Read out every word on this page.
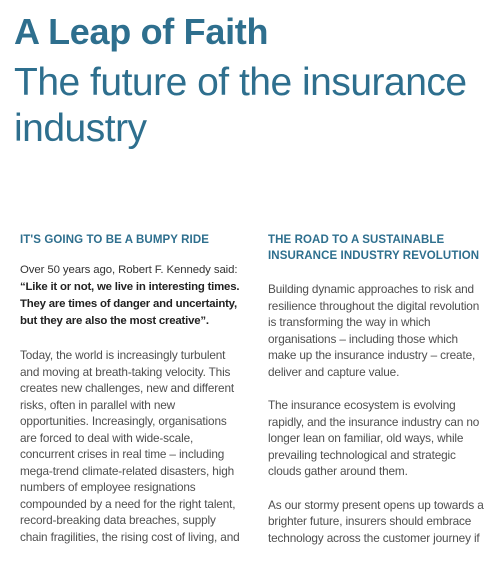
A Leap of Faith
The future of the insurance industry
IT'S GOING TO BE A BUMPY RIDE

Over 50 years ago, Robert F. Kennedy said:

“Like it or not, we live in interesting times. They are times of danger and uncertainty, but they are also the most creative”.

Today, the world is increasingly turbulent and moving at breath-taking velocity. This creates new challenges, new and different risks, often in parallel with new opportunities. Increasingly, organisations are forced to deal with wide-scale, concurrent crises in real time – including mega-trend climate-related disasters, high numbers of employee resignations compounded by a need for the right talent, record-breaking data breaches, supply chain fragilities, the rising cost of living, and

THE ROAD TO A SUSTAINABLE INSURANCE INDUSTRY REVOLUTION

Building dynamic approaches to risk and resilience throughout the digital revolution is transforming the way in which organisations – including those which make up the insurance industry – create, deliver and capture value.

The insurance ecosystem is evolving rapidly, and the insurance industry can no longer lean on familiar, old ways, while prevailing technological and strategic clouds gather around them.

As our stormy present opens up towards a brighter future, insurers should embrace technology across the customer journey if
